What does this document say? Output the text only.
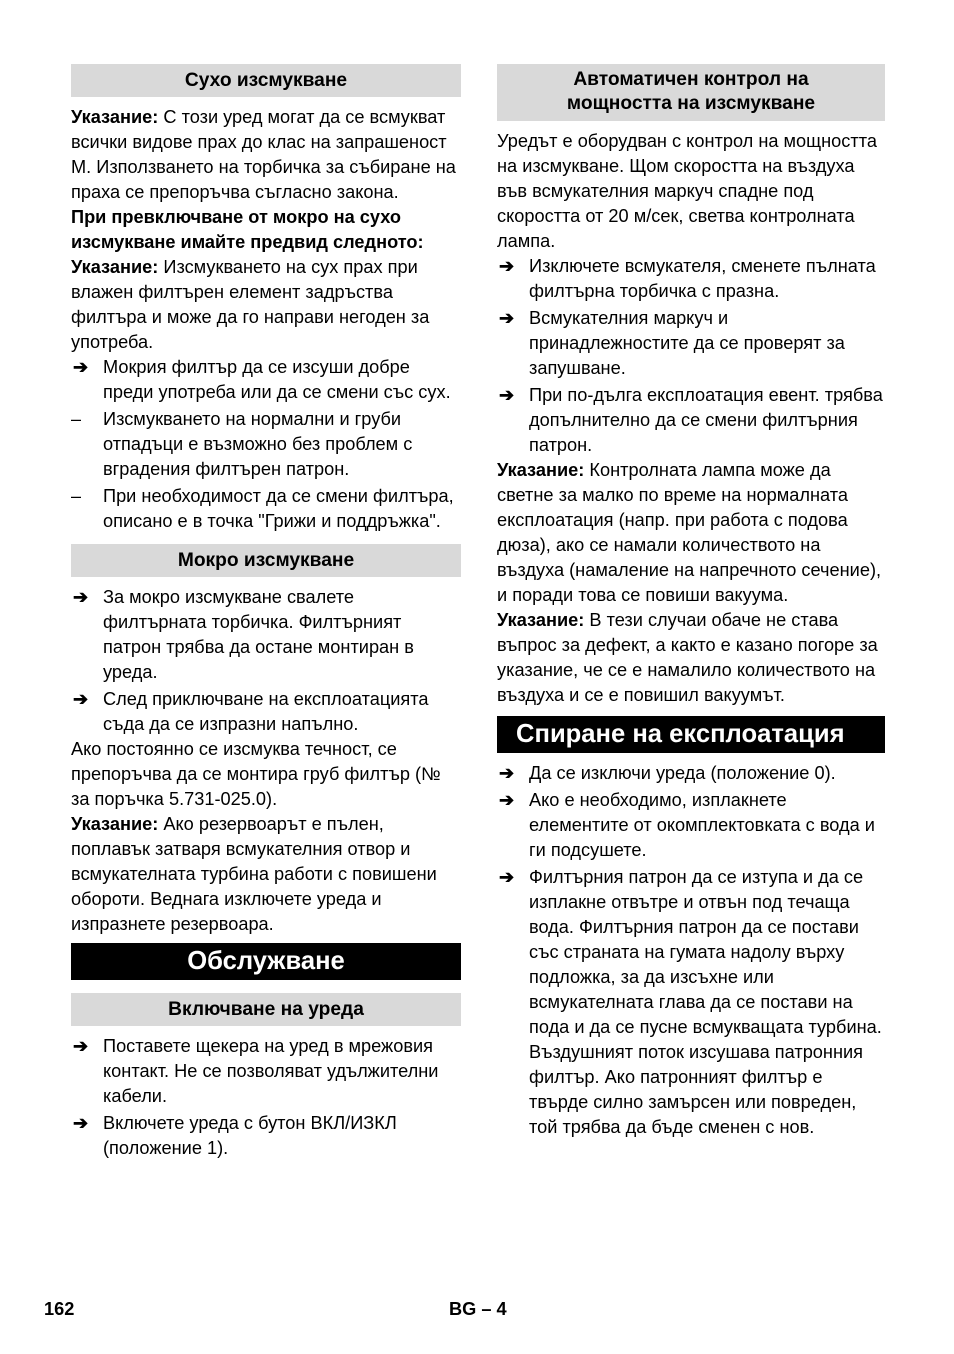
Сухо изсмукване

Указание: С този уред могат да се всмукват всички видове прах до клас на запрашеност M. Използването на торбичка за събиране на праха се препоръчва съгласно закона.

При превключване от мокро на сухо изсмукване имайте предвид следното:

Указание: Изсмукването на сух прах при влажен филтърен елемент задръства филтъра и може да го направи негоден за употреба.

➔ Мокрия филтър да се изсуши добре преди употреба или да се смени със сух.
– Изсмукването на нормални и груби отпадъци е възможно без проблем с вградения филтърен патрон.
– При необходимост да се смени филтъра, описано е в точка "Грижи и поддръжка".
Мокро изсмукване
➔ За мокро изсмукване свалете филтърната торбичка. Филтърният патрон трябва да остане монтиран в уреда.
➔ След приключване на експлоатацията съда да се изпразни напълно.

Ако постоянно се изсмуква течност, се препоръчва да се монтира груб филтър (№ за поръчка 5.731-025.0).

Указание: Ако резервоарът е пълен, поплавък затваря всмукателния отвор и всмукателната турбина работи с повишени обороти. Веднага изключете уреда и изпразнете резервоара.

Обслужване
Включване на уреда
➔ Поставете щекера на уред в мрежовия контакт. Не се позволяват удължителни кабели.
➔ Включете уреда с бутон ВКЛ/ИЗКЛ (положение 1).
Автоматичен контрол на
мощността на изсмукване

Уредът е оборудван с контрол на мощността на изсмукване. Щом скоростта на въздуха във всмукателния маркуч спадне под скоростта от 20 м/сек, светва контролната лампа.

➔ Изключете всмукателя, сменете пълната филтърна торбичка с празна.
➔ Всмукателния маркуч и принадлежностите да се проверят за запушване.
➔ При по-дълга експлоатация евент. трябва допълнително да се смени филтърния патрон.

Указание: Контролната лампа може да светне за малко по време на нормалната експлоатация (напр. при работа с подова дюза), ако се намали количеството на въздуха (намаление на напречното сечение), и поради това се повиши вакуума.

Указание: В тези случаи обаче не става въпрос за дефект, а както е казано погоре за указание, че се е намалило количеството на въздуха и се е повишил вакуумът.

Спиране на експлоатация
➔ Да се изключи уреда (положение 0).
➔ Ако е необходимо, изплакнете елементите от окомплектовката с вода и ги подсушете.
➔ Филтърния патрон да се изтупа и да се изплакне отвътре и отвън под течаща вода. Филтърния патрон да се постави със страната на гумата надолу върху подложка, за да изсъхне или всмукателната глава да се постави на пода и да се пусне всмукващата турбина. Въздушният поток изсушава патронния филтър. Ако патронният филтър е твърде силно замърсен или повреден, той трябва да бъде сменен с нов.
162	BG – 4
